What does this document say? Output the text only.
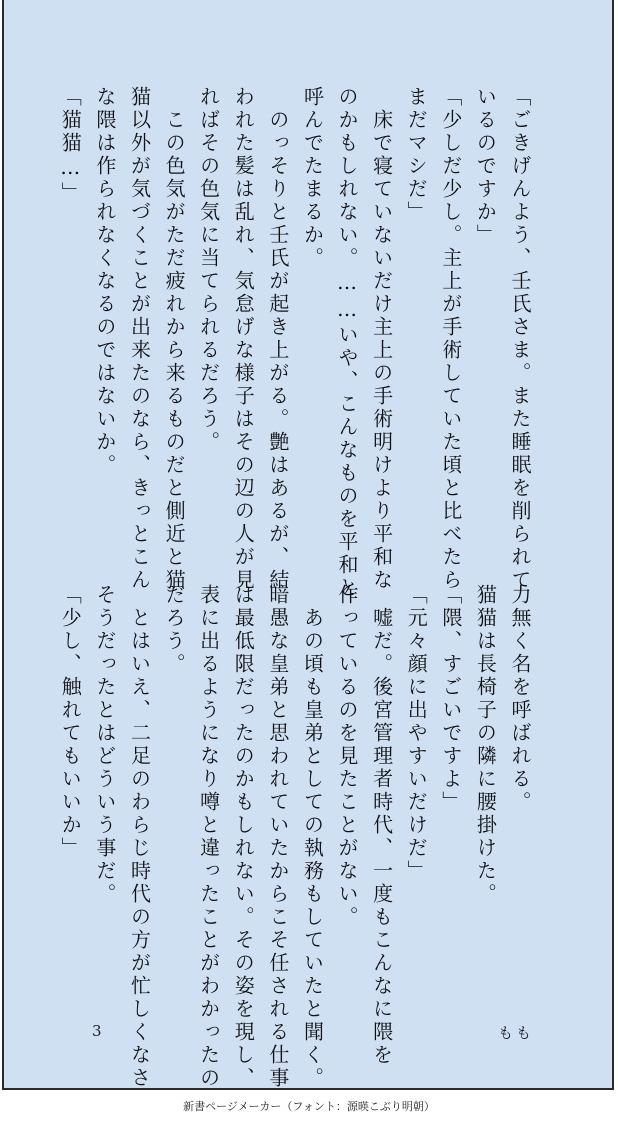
「ごきげんよう、壬氏さま。また睡眠を削られて

いるのですか」

「少しだ少し。主上が手術していた頃と比べたら

まだマシだ」

　床で寝ていないだけ主上の手術明けより平和な

のかもしれない。……いや、こんなものを平和と

呼んでたまるか。

　のっそりと壬氏が起き上がる。艶はあるが、結

われた髪は乱れ、気怠げな様子はその辺の人が見

ればその色気に当てられるだろう。

　この色気がただ疲れから来るものだと側近と猫

猫以外が気づくことが出来たのなら、きっとこん

な隈は作られなくなるのではないか。

「猫猫…」

力無く名を呼ばれる。

猫猫は長椅子の隣に腰掛けた。

「隈、すごいですよ」

「元々顔に出やすいだけだ」

　嘘だ。後宮管理者時代、一度もこんなに隈を

作っているのを見たことがない。

　あの頃も皇弟としての執務もしていたと聞く。

暗愚な皇弟と思われていたからこそ任される仕事

は最低限だったのかもしれない。その姿を現し、

表に出るようになり噂と違ったことがわかったの

だろう。

　とはいえ、二足のわらじ時代の方が忙しくなさ

そうだったとはどういう事だ。

「少し、触れてもいいか」

3	もも
新書ページメーカー（フォント：源暎こぶり明朝）
